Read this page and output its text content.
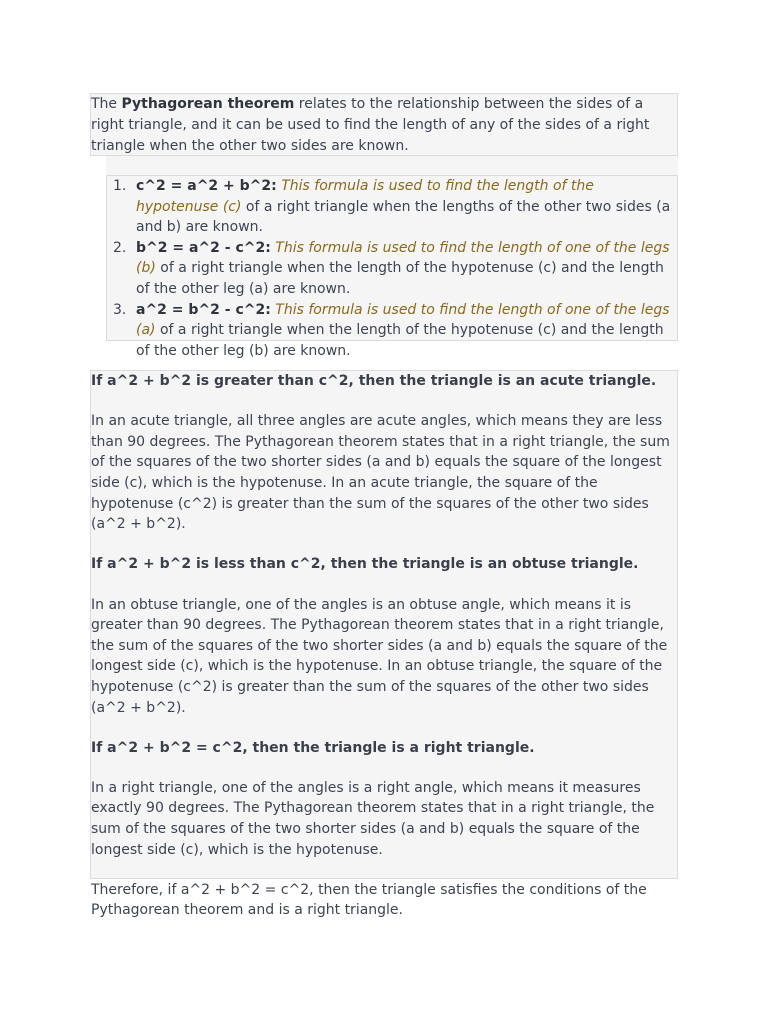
The Pythagorean theorem relates to the relationship between the sides of a right triangle, and it can be used to find the length of any of the sides of a right triangle when the other two sides are known.

1. c^2 = a^2 + b^2: This formula is used to find the length of the hypotenuse (c) of a right triangle when the lengths of the other two sides (a and b) are known.
2. b^2 = a^2 - c^2: This formula is used to find the length of one of the legs (b) of a right triangle when the length of the hypotenuse (c) and the length of the other leg (a) are known.
3. a^2 = b^2 - c^2: This formula is used to find the length of one of the legs (a) of a right triangle when the length of the hypotenuse (c) and the length of the other leg (b) are known.

If a^2 + b^2 is greater than c^2, then the triangle is an acute triangle.

In an acute triangle, all three angles are acute angles, which means they are less than 90 degrees. The Pythagorean theorem states that in a right triangle, the sum of the squares of the two shorter sides (a and b) equals the square of the longest side (c), which is the hypotenuse. In an acute triangle, the square of the hypotenuse (c^2) is greater than the sum of the squares of the other two sides (a^2 + b^2).

If a^2 + b^2 is less than c^2, then the triangle is an obtuse triangle.

In an obtuse triangle, one of the angles is an obtuse angle, which means it is greater than 90 degrees. The Pythagorean theorem states that in a right triangle, the sum of the squares of the two shorter sides (a and b) equals the square of the longest side (c), which is the hypotenuse. In an obtuse triangle, the square of the hypotenuse (c^2) is greater than the sum of the squares of the other two sides (a^2 + b^2).

If a^2 + b^2 = c^2, then the triangle is a right triangle.

In a right triangle, one of the angles is a right angle, which means it measures exactly 90 degrees. The Pythagorean theorem states that in a right triangle, the sum of the squares of the two shorter sides (a and b) equals the square of the longest side (c), which is the hypotenuse.

Therefore, if a^2 + b^2 = c^2, then the triangle satisfies the conditions of the Pythagorean theorem and is a right triangle.
